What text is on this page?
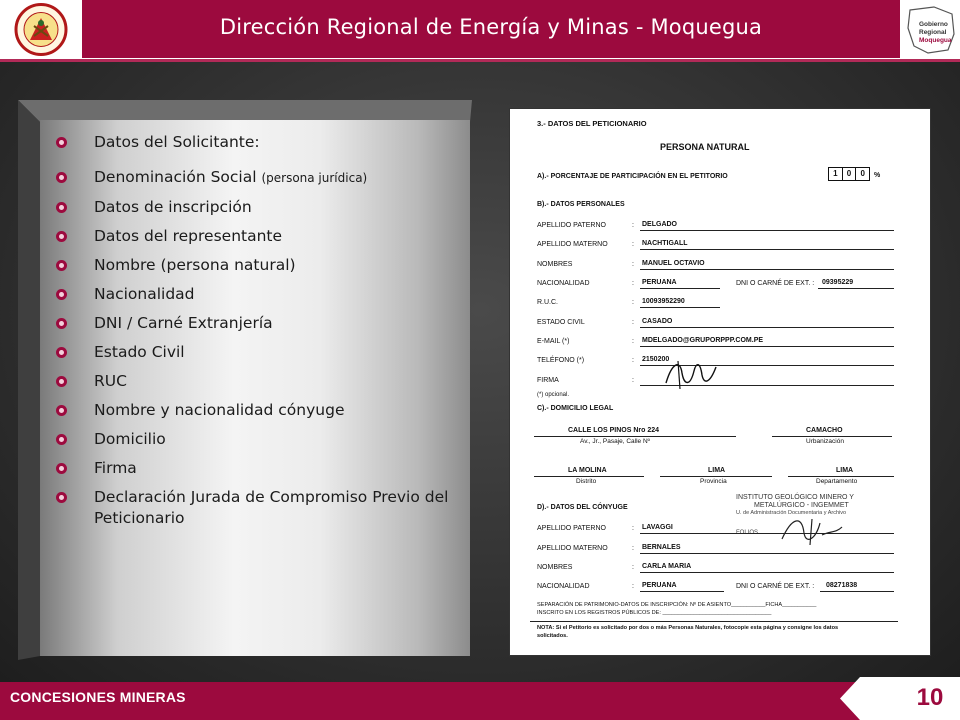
Dirección Regional de Energía y Minas - Moquegua	Gobierno
Regional
Moquegua
Datos del Solicitante:
Denominación Social (persona jurídica)
Datos de inscripción
Datos del representante
Nombre (persona natural)
Nacionalidad
DNI / Carné Extranjería
Estado Civil
RUC
Nombre y nacionalidad cónyuge
Domicilio
Firma
Declaración Jurada de Compromiso Previo del Peticionario
3.- DATOS DEL PETICIONARIO
PERSONA NATURAL
A).- PORCENTAJE DE PARTICIPACIÓN EN EL PETITORIO	1	0	0	%
B).- DATOS PERSONALES
APELLIDO PATERNO	: DELGADO
APELLIDO MATERNO	: NACHTIGALL
NOMBRES	: MANUEL OCTAVIO
NACIONALIDAD	: PERUANA	DNI O CARNÉ DE EXT. : 09395229
R.U.C.	: 10093952290
ESTADO CIVIL	: CASADO
E-MAIL (*)	: MDELGADO@GRUPORPPP.COM.PE
TELÉFONO (*)	: 2150200
FIRMA	:
(*) opcional.
C).- DOMICILIO LEGAL
CALLE LOS PINOS Nro 224
Av., Jr., Pasaje, Calle Nº
CAMACHO
Urbanización
LA MOLINA
Distrito
LIMA
Provincia
LIMA
Departamento
D).- DATOS DEL CÓNYUGE
INSTITUTO GEOLÓGICO MINERO Y
METALÚRGICO - INGEMMET
U. de Administración Documentaria y Archivo
APELLIDO PATERNO	: LAVAGGI
APELLIDO MATERNO	: BERNALES
NOMBRES	: CARLA MARIA
NACIONALIDAD	: PERUANA	DNI O CARNÉ DE EXT. : 08271838
SEPARACIÓN DE PATRIMONIO-DATOS DE INSCRIPCIÓN: Nº DE ASIENTO___________FICHA___________
INSCRITO EN LOS REGISTROS PÚBLICOS DE: ___________________________________
NOTA: Si el Petitorio es solicitado por dos o más Personas Naturales, fotocopie esta página y consigne los datos
solicitados.
CONCESIONES MINERAS	10
